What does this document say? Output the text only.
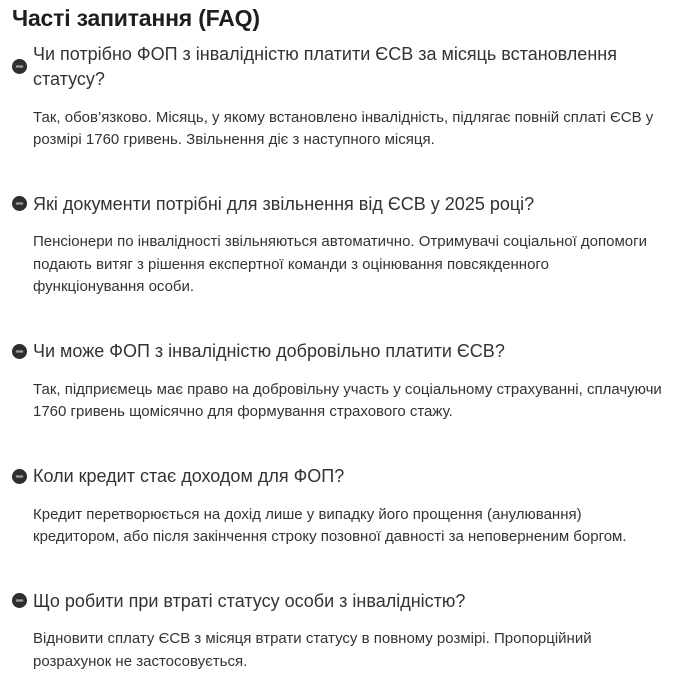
Часті запитання (FAQ)
Чи потрібно ФОП з інвалідністю платити ЄСВ за місяць встановлення статусу?

Так, обов’язково. Місяць, у якому встановлено інвалідність, підлягає повній сплаті ЄСВ у розмірі 1760 гривень. Звільнення діє з наступного місяця.

Які документи потрібні для звільнення від ЄСВ у 2025 році?

Пенсіонери по інвалідності звільняються автоматично. Отримувачі соціальної допомоги подають витяг з рішення експертної команди з оцінювання повсякденного функціонування особи.

Чи може ФОП з інвалідністю добровільно платити ЄСВ?

Так, підприємець має право на добровільну участь у соціальному страхуванні, сплачуючи 1760 гривень щомісячно для формування страхового стажу.

Коли кредит стає доходом для ФОП?

Кредит перетворюється на дохід лише у випадку його прощення (анулювання) кредитором, або після закінчення строку позовної давності за неповерненим боргом.

Що робити при втраті статусу особи з інвалідністю?

Відновити сплату ЄСВ з місяця втрати статусу в повному розмірі. Пропорційний розрахунок не застосовується.
